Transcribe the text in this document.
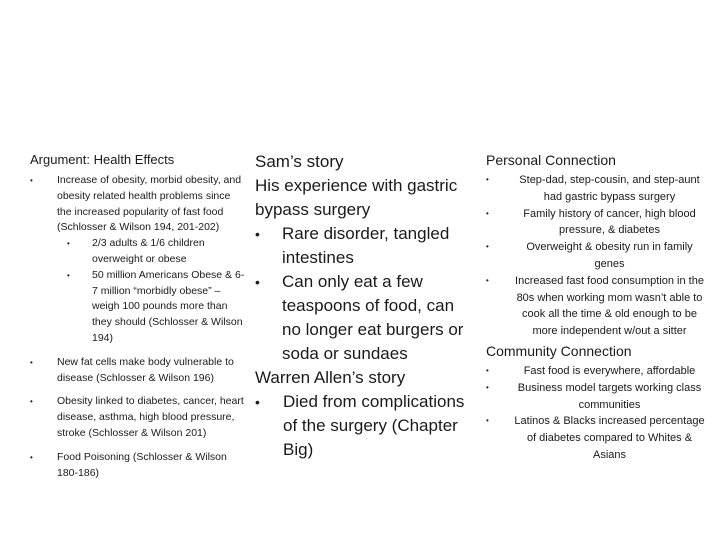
Argument: Health Effects
• Increase of obesity, morbid obesity, and obesity related health problems since the increased popularity of fast food (Schlosser & Wilson 194, 201-202)
• 2/3 adults & 1/6 children overweight or obese
• 50 million Americans Obese & 6-7 million “morbidly obese” – weigh 100 pounds more than they should (Schlosser & Wilson 194)
• New fat cells make body vulnerable to disease (Schlosser & Wilson 196)
• Obesity linked to diabetes, cancer, heart disease, asthma, high blood pressure, stroke (Schlosser & Wilson 201)
• Food Poisoning (Schlosser & Wilson 180-186)
Sam’s story
His experience with gastric bypass surgery
• Rare disorder, tangled intestines
• Can only eat a few teaspoons of food, can no longer eat burgers or soda or sundaes
Warren Allen’s story
• Died from complications of the surgery (Chapter Big)
Personal Connection
•	Step-dad, step-cousin, and step-aunt had gastric bypass surgery
•	Family history of cancer, high blood pressure, & diabetes
•	Overweight & obesity run in family genes
• Increased fast food consumption in the 80s when working mom wasn’t able to cook all the time & old enough to be more independent w/out a sitter
Community Connection
•	Fast food is everywhere, affordable
•	Business model targets working class communities
• Latinos & Blacks increased percentage of diabetes compared to Whites & Asians
